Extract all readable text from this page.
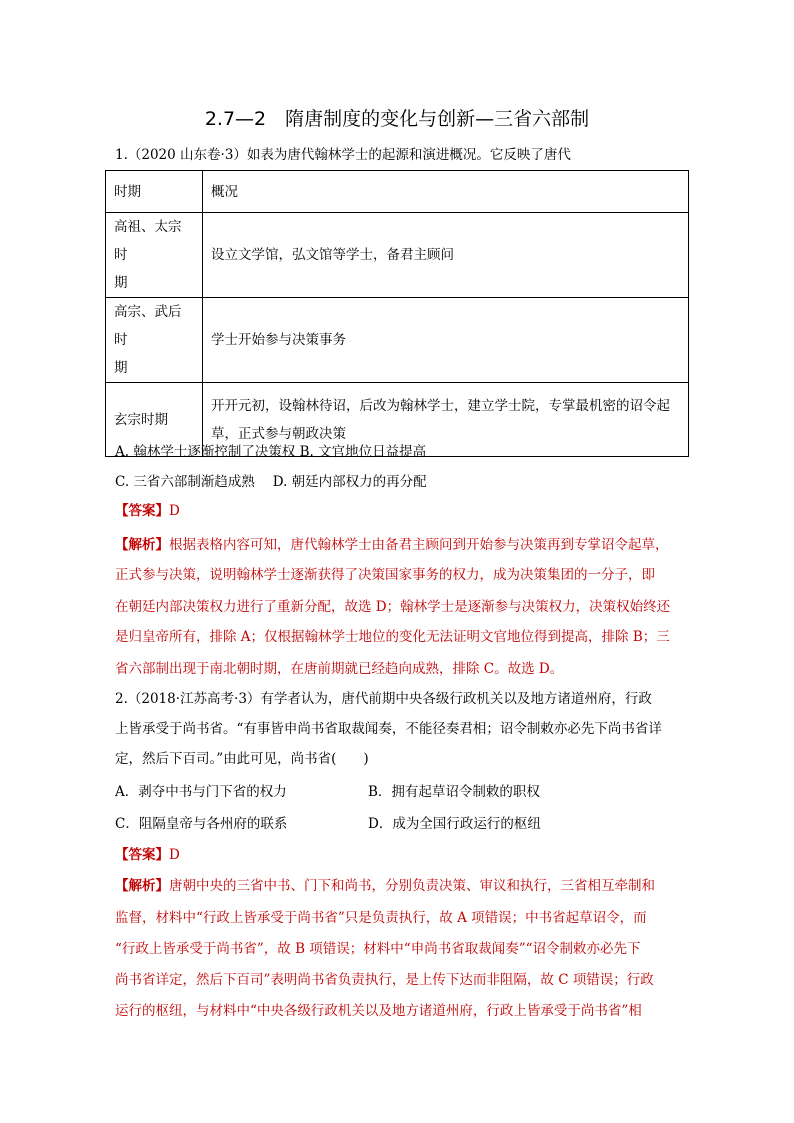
2.7—2　隋唐制度的变化与创新—三省六部制
1.（2020 山东卷·3）如表为唐代翰林学士的起源和演进概况。它反映了唐代
时期	概况

高祖、太宗时
期	设立文学馆，弘文馆等学士，备君主顾问

高宗、武后时
期	学士开始参与决策事务
玄宗时期	开开元初，设翰林待诏，后改为翰林学士，建立学士院，专掌最机密的诏令起
草，正式参与朝政决策
A. 翰林学士逐渐控制了决策权 B. 文官地位日益提高
C. 三省六部制渐趋成熟　 D. 朝廷内部权力的再分配
【答案】D
【解析】根据表格内容可知，唐代翰林学士由备君主顾问到开始参与决策再到专掌诏令起草，
正式参与决策，说明翰林学士逐渐获得了决策国家事务的权力，成为决策集团的一分子，即
在朝廷内部决策权力进行了重新分配，故选 D；翰林学士是逐渐参与决策权力，决策权始终还
是归皇帝所有，排除 A；仅根据翰林学士地位的变化无法证明文官地位得到提高，排除 B；三
省六部制出现于南北朝时期，在唐前期就已经趋向成熟，排除 C。故选 D。
2.（2018·江苏高考·3）有学者认为，唐代前期中央各级行政机关以及地方诸道州府，行政
上皆承受于尚书省。“有事皆申尚书省取裁闻奏，不能径奏君相；诏令制敕亦必先下尚书省详
定，然后下百司。”由此可见，尚书省(　　)
A．剥夺中书与门下省的权力	B．拥有起草诏令制敕的职权
C．阻隔皇帝与各州府的联系	D．成为全国行政运行的枢纽
【答案】D
【解析】唐朝中央的三省中书、门下和尚书，分别负责决策、审议和执行，三省相互牵制和
监督，材料中“行政上皆承受于尚书省”只是负责执行，故 A 项错误；中书省起草诏令，而
“行政上皆承受于尚书省”，故 B 项错误；材料中“申尚书省取裁闻奏”“诏令制敕亦必先下
尚书省详定，然后下百司”表明尚书省负责执行，是上传下达而非阻隔，故 C 项错误；行政
运行的枢纽，与材料中“中央各级行政机关以及地方诸道州府，行政上皆承受于尚书省”相
